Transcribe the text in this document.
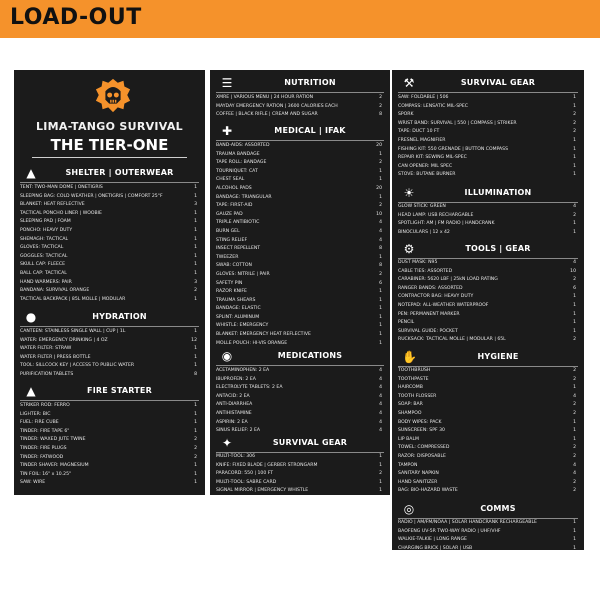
LOAD-OUT
LIMA-TANGO SURVIVAL
THE TIER-ONE
▲	SHELTER | OUTERWEAR
TENT: TWO-MAN DOME | ONETIGRIS	1
SLEEPING BAG: COLD WEATHER | ONETIGRIS | COMFORT 25°F	1
BLANKET: HEAT REFLECTIVE	3
TACTICAL PONCHO LINER | WOOBIE	1
SLEEPING PAD | FOAM	1
PONCHO: HEAVY DUTY	1
SHEMAGH: TACTICAL	1
GLOVES: TACTICAL	1
GOGGLES: TACTICAL	1
SKULL CAP: FLEECE	1
BALL CAP: TACTICAL	1
HAND WARMERS: PAIR	3
BANDANA: SURVIVAL ORANGE	2
TACTICAL BACKPACK | 85L MOLLE | MODULAR	1
●	HYDRATION
CANTEEN: STAINLESS SINGLE WALL | CUP | 1L	1
WATER: EMERGENCY DRINKING | 4 OZ	12
WATER FILTER: STRAW	1
WATER FILTER | PRESS BOTTLE	1
TOOL: SILLCOCK KEY | ACCESS TO PUBLIC WATER	1
PURIFICATION TABLETS	8
▲	FIRE STARTER
STRIKER ROD: FERRO	1
LIGHTER: BIC	1
FUEL: FIRE CUBE	1
TINDER: FIRE TAPE 6"	1
TINDER: WAXED JUTE TWINE	2
TINDER: FIRE PLUGS	2
TINDER: FATWOOD	2
TINDER SHAVER: MAGNESIUM	1
TIN FOIL: 16" x 10.25"	1
SAW: WIRE	1
☰	NUTRITION
XMRE | VARIOUS MENU | 24 HOUR RATION	2
MAYDAY EMERGENCY RATION | 3600 CALORIES EACH	2
COFFEE | BLACK RIFLE | CREAM AND SUGAR	8
✚	MEDICAL | IFAK
BAND-AIDS: ASSORTED	20
TRAUMA BANDAGE	1
TAPE ROLL: BANDAGE	2
TOURNIQUET: CAT	1
CHEST SEAL	1
ALCOHOL PADS	20
BANDAGE: TRIANGULAR	1
TAPE: FIRST-AID	2
GAUZE PAD	10
TRIPLE ANTIBIOTIC	4
BURN GEL	4
STING RELIEF	4
INSECT REPELLENT	8
TWEEZER	1
SWAB: COTTON	8
GLOVES: NITRILE | PAIR	2
SAFETY PIN	6
RAZOR KNIFE	1
TRAUMA SHEARS	1
BANDAGE: ELASTIC	1
SPLINT: ALUMINUM	1
WHISTLE: EMERGENCY	1
BLANKET: EMERGENCY HEAT REFLECTIVE	1
MOLLE POUCH: HI-VIS ORANGE	1
◉	MEDICATIONS
ACETAMINOPHEN: 2 EA	4
IBUPROFEN: 2 EA	4
ELECTROLYTE TABLETS: 2 EA	4
ANTACID: 2 EA	4
ANTI-DIARRHEA	4
ANTIHISTAMINE	4
ASPIRIN: 2 EA	4
SINUS RELIEF: 2 EA	4
✦	SURVIVAL GEAR
MULTI-TOOL: 306	1
KNIFE: FIXED BLADE | GERBER STRONGARM	1
PARACORD: 550 | 100 FT	2
MULTI-TOOL: SABRE CARD	1
SIGNAL MIRROR | EMERGENCY WHISTLE	1
⚒	SURVIVAL GEAR
SAW: FOLDABLE | 506	1
COMPASS: LENSATIC MIL-SPEC	1
SPORK	2
WRIST BAND: SURVIVAL | 550 | COMPASS | STRIKER	2
TAPE: DUCT 10 FT	2
FRESNEL MAGNIFIER	1
FISHING KIT: 550 GRENADE | BUTTON COMPASS	1
REPAIR KIT: SEWING MIL-SPEC	1
CAN OPENER: MIL SPEC	1
STOVE: BUTANE BURNER	1
☀	ILLUMINATION
GLOW STICK: GREEN	4
HEAD LAMP: USB RECHARGABLE	2
SPOTLIGHT: AM | FM RADIO | HANDCRANK	1
BINOCULARS | 12 x 42	1
⚙	TOOLS | GEAR
DUST MASK: N95	4
CABLE TIES: ASSORTED	10
CARABINER: 5620 LBF | 25kN LOAD RATING	2
RANGER BANDS: ASSORTED	6
CONTRACTOR BAG: HEAVY DUTY	1
NOTEPAD: ALL-WEATHER WATERPROOF	1
PEN: PERMANENT MARKER	1
PENCIL	1
SURVIVAL GUIDE: POCKET	1
RUCKSACK: TACTICAL MOLLE | MODULAR | 65L	2
✋	HYGIENE
TOOTHBRUSH	2
TOOTHPASTE	2
HAIRCOMB	1
TOOTH FLOSSER	4
SOAP: BAR	2
SHAMPOO	2
BODY WIPES: PACK	1
SUNSCREEN: SPF 30	1
LIP BALM	1
TOWEL: COMPRESSED	2
RAZOR: DISPOSABLE	2
TAMPON	4
SANITARY NAPKIN	4
HAND SANITIZER	2
BAG: BIO-HAZARD WASTE	2
◎	COMMS
RADIO | AM/FM/NOAA | SOLAR HANDCRANK RECHARGEABLE	1
BAOFENG UV-5R TWO-WAY RADIO | UHF/VHF	1
WALKIE-TALKIE | LONG RANGE	1
CHARGING BRICK | SOLAR | USB	1
